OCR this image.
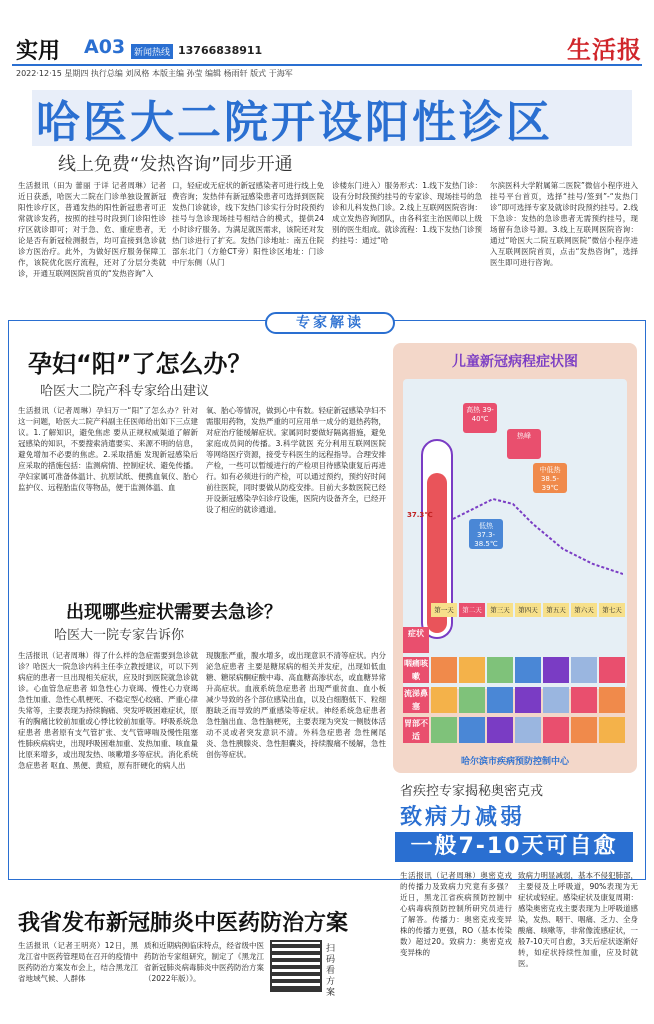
实用 A03 新闻热线 13766838911	生活报
2022·12·15 星期四 执行总编 刘凤格 本版主编 孙莹 编辑 杨雨轩 版式 于海军
哈医大二院开设阳性诊区
线上免费“发热咨询”同步开通
生活报讯（田为 蕾丽 于详 记者周琳）记者近日获悉，哈医大二院在门诊单独设置新冠阳性诊疗区，普通发热的阳性新冠患者可正常就诊发药，按照的挂号时段到门诊阳性诊疗区就诊即可；对于急、危、重症患者，无论是否有新冠检测报告，均可直接到急诊就诊方医治疗。此外，为做好医疗服务保障工作，该院优化医疗流程，还对了分层分类就诊，开通互联网医院首页的“发热咨询”入
口，轻症或无症状的新冠感染者可进行线上免费咨询；发热伴有新冠感染患者可选择到医院发热门诊就诊，线下发热门诊实行分时段预约挂号与急诊现场挂号相结合的模式，提供24小时诊疗服务。为满足就医需求，该院还对发热门诊进行了扩充。发热门诊地址：南五住院部东北门（方舱CT旁）阳性诊区地址：门诊中厅东侧（从门
诊楼东门进入）服务形式：1.线下发热门诊：设有分时段预约挂号的专家诊、现场挂号的急诊和儿科发热门诊。2.线上互联网医院咨询：成立发热咨询团队，由各科室主治医师以上级别的医生组成。就诊流程：1.线下发热门诊预约挂号：通过“哈
尔滨医科大学附属第二医院”微信小程序进入挂号平台首页，选择“挂号/签到”-“发热门诊”即可选择专家及就诊时段预约挂号。2.线下急诊：发热的急诊患者无需预约挂号，现场留有急诊号源。3.线上互联网医院咨询：通过“哈医大二院互联网医院”微信小程序进入互联网医院首页，点击“发热咨询”，选择医生即可进行咨询。
专家解读
孕妇“阳”了怎么办？
哈医大二院产科专家给出建议
生活报讯（记者周琳）孕妇万一“阳”了怎么办？针对这一问题，哈医大二院产科副主任医师给出如下三点建议。1.了解知识，避免焦虑 要从正规权威渠道了解新冠感染的知识，不要搜索消遣要实、来源不明的信息，避免增加不必要的焦虑。2.采取措施 发现新冠感染后应采取的措施包括：监测病情、控制症状、避免传播。孕妇家属可准备体温计、抗原试纸、便携血氧仪、胎心监护仪、远程胎监仪等物品，便于监测体温、血
氧、胎心等情况，做到心中有数。轻症新冠感染孕妇不需服用药物，发热严重的可应用单一成分的退热药物，对症治疗能缓解症状。家属同时要做好隔离措施，避免家庭成员间的传播。3.科学就医 充分利用互联网医院等网络医疗资源，接受专科医生的远程指导。合理安排产检，一些可以暂缓进行的产检项目待感染康复后再进行。如有必须进行的产检，可以通过预约，预约好时间前往医院，同时要做从防疫安排。目前大多数医院已经开设新冠感染孕妇诊疗设施，医院内设备齐全，已经开设了相应的就诊通道。
出现哪些症状需要去急诊？
哈医大一院专家告诉你
生活报讯（记者周琳）得了什么样的急症需要到急诊就诊？哈医大一院急诊内科主任李立教授建议，可以下列病症的患者一旦出现相关症状，应及时到医院就急诊就诊。心血管急症患者 如急性心力衰竭、慢性心力衰竭急性加重、急性心肌梗死、不稳定型心绞痛、严重心律失常等，主要表现为持续胸痛、突发呼吸困难症状，原有的胸痛比较前加重或心悸比较前加重等。呼吸系统急症患者 患者原有支气管扩张、支气管哮喘及慢性阻塞性肺疾病病史，出现呼吸困难加重、发热加重、咳血量比原来增多，或出现发热、咳嗽增多等症状。消化系统急症患者 呕血、黑便、黄疸，原有肝硬化的病人出
现腹胀严重，腹水增多，或出现意识不清等症状。内分泌急症患者 主要是糖尿病的相关并发症，出现如低血糖、糖尿病酮症酸中毒、高血糖高渗状态，或血糖异常升高症状。血液系统急症患者 出现严重贫血、血小板减少导致的各个部位感染出血，以及白细胞低下、粒细胞缺乏而导致的严重感染等症状。神经系统急症患者 急性脑出血、急性脑梗死，主要表现为突发一侧肢体活动不灵或者突发意识不清。外科急症患者 急性阑尾炎、急性胰腺炎、急性胆囊炎，持续腹痛不缓解，急性创伤等症状。
儿童新冠病程症状图
高热 39-40℃
热峰
中低热 38.5-39℃
低热 37.3-38.5℃
37.3℃
第一天	第二天	第三天	第四天	第五天	第六天	第七天
症状
咽痛咳嗽
流涕鼻塞
胃部不适
哈尔滨市疾病预防控制中心
省疾控专家揭秘奥密克戎
致病力减弱
一般7-10天可自愈
生活报讯（记者周琳）奥密克戎的传播力及致病力究竟有多强？近日，黑龙江省疾病预防控制中心病毒病预防控制所研究员进行了解答。传播力：奥密克戎变异株的传播力更强，RO（基本传染数）超过20。致病力：奥密克戎变异株的
致病力明显减弱，基本不侵犯肺部，主要侵及上呼吸道，90%表现为无症状或轻症。感染症状及康复周期：感染奥密克戎主要表现为上呼吸道感染，发热、咽干、咽痛、乏力、全身酸痛、咳嗽等，非常像流感症状，一般7-10天可自愈，3天后症状逐渐好转，如症状持续性加重，应及时就医。
我省发布新冠肺炎中医药防治方案
生活报讯（记者王明亮）12日，黑龙江省中医药管理局在召开的疫情中医药防治方案发布会上，结合黑龙江省地域气候、人群体
质和近期病例临床特点，经省级中医药防治专家组研究，制定了《黑龙江省新冠肺炎病毒肺炎中医药防治方案（2022年版）》。
扫码看方案
